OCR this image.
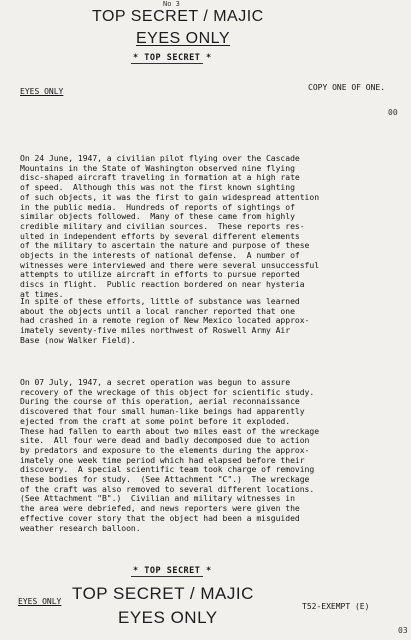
No 3
TOP SECRET / MAJIC
EYES ONLY
* TOP SECRET *
EYES ONLY	COPY ONE OF ONE.
00
On 24 June, 1947, a civilian pilot flying over the Cascade
Mountains in the State of Washington observed nine flying
disc-shaped aircraft traveling in formation at a high rate
of speed.  Although this was not the first known sighting
of such objects, it was the first to gain widespread attention
in the public media.  Hundreds of reports of sightings of
similar objects followed.  Many of these came from highly
credible military and civilian sources.  These reports res-
ulted in independent efforts by several different elements
of the military to ascertain the nature and purpose of these
objects in the interests of national defense.  A number of
witnesses were interviewed and there were several unsuccessful
attempts to utilize aircraft in efforts to pursue reported
discs in flight.  Public reaction bordered on near hysteria
at times.
In spite of these efforts, little of substance was learned
about the objects until a local rancher reported that one
had crashed in a remote region of New Mexico located approx-
imately seventy-five miles northwest of Roswell Army Air
Base (now Walker Field).
On 07 July, 1947, a secret operation was begun to assure
recovery of the wreckage of this object for scientific study.
During the course of this operation, aerial reconnaissance
discovered that four small human-like beings had apparently
ejected from the craft at some point before it exploded.
These had fallen to earth about two miles east of the wreckage
site.  All four were dead and badly decomposed due to action
by predators and exposure to the elements during the approx-
imately one week time period which had elapsed before their
discovery.  A special scientific team took charge of removing
these bodies for study.  (See Attachment "C".)  The wreckage
of the craft was also removed to several different locations.
(See Attachment "B".)  Civilian and military witnesses in
the area were debriefed, and news reporters were given the
effective cover story that the object had been a misguided
weather research balloon.
* TOP SECRET *
EYES ONLY TOP SECRET / MAJIC
EYES ONLY
T52-EXEMPT (E)
03
